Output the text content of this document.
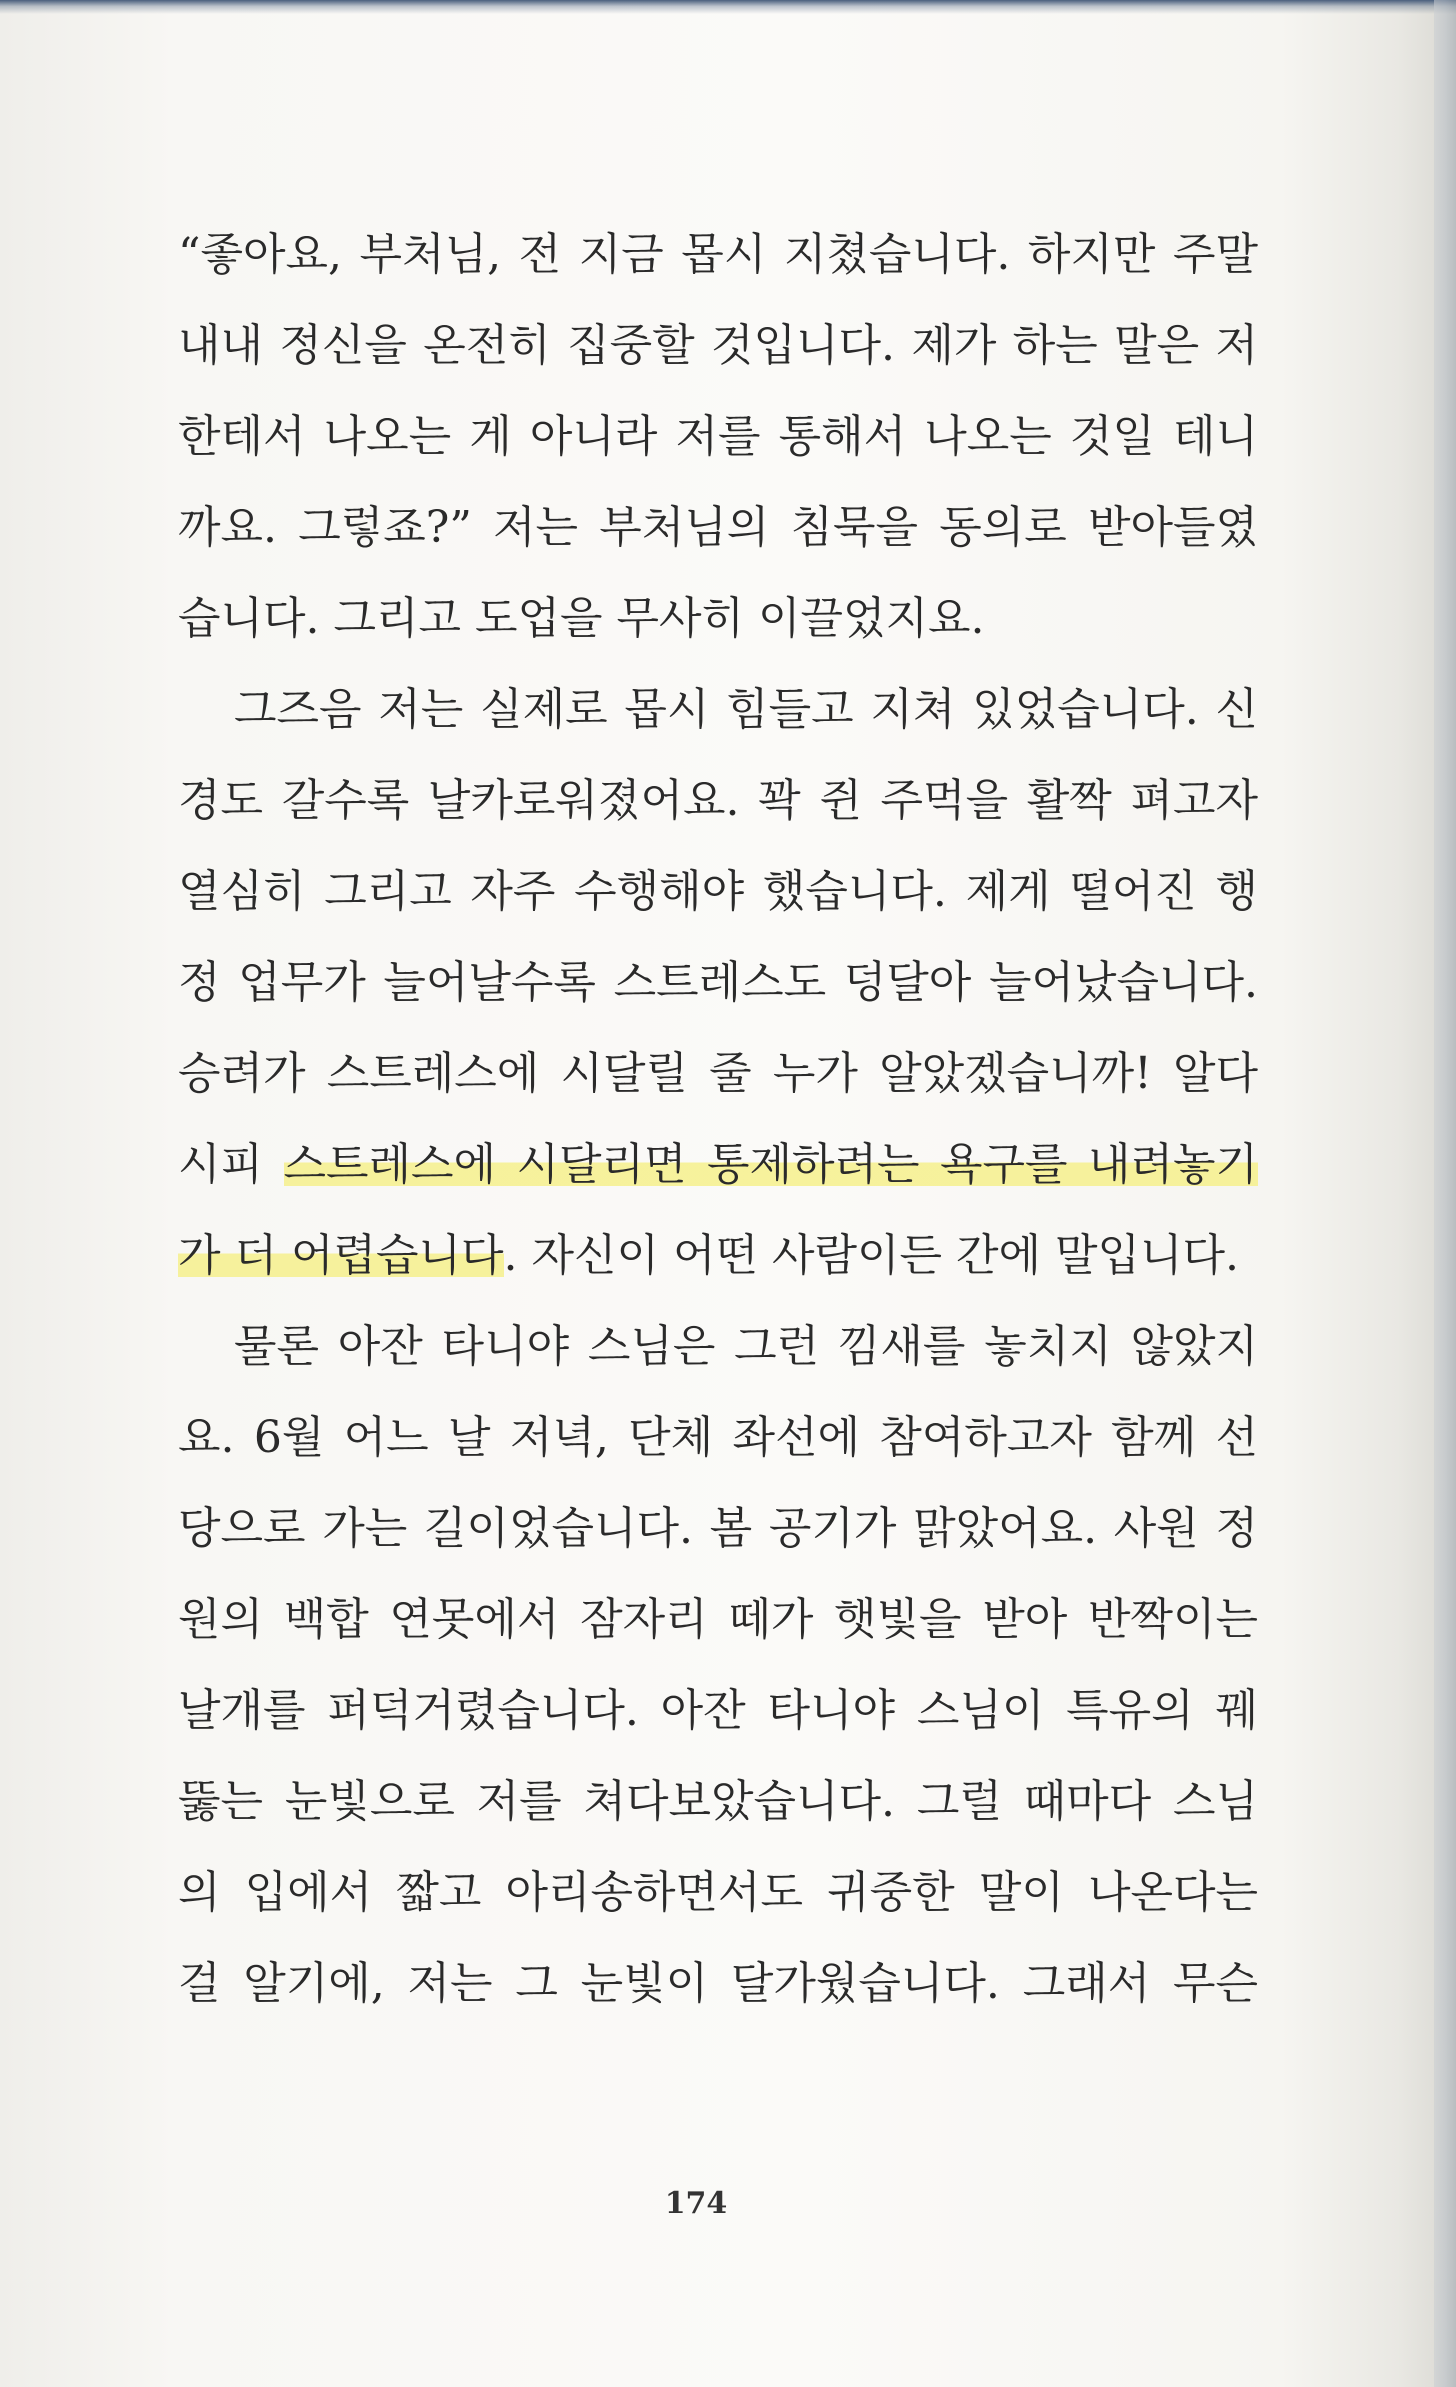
“좋아요, 부처님, 전 지금 몹시 지쳤습니다. 하지만 주말
내내 정신을 온전히 집중할 것입니다. 제가 하는 말은 저
한테서 나오는 게 아니라 저를 통해서 나오는 것일 테니
까요. 그렇죠?” 저는 부처님의 침묵을 동의로 받아들였
습니다. 그리고 도업을 무사히 이끌었지요.
그즈음 저는 실제로 몹시 힘들고 지쳐 있었습니다. 신
경도 갈수록 날카로워졌어요. 꽉 쥔 주먹을 활짝 펴고자
열심히 그리고 자주 수행해야 했습니다. 제게 떨어진 행
정 업무가 늘어날수록 스트레스도 덩달아 늘어났습니다.
승려가 스트레스에 시달릴 줄 누가 알았겠습니까! 알다
시피 스트레스에 시달리면 통제하려는 욕구를 내려놓기
가 더 어렵습니다. 자신이 어떤 사람이든 간에 말입니다.
물론 아잔 타니야 스님은 그런 낌새를 놓치지 않았지
요. 6월 어느 날 저녁, 단체 좌선에 참여하고자 함께 선
당으로 가는 길이었습니다. 봄 공기가 맑았어요. 사원 정
원의 백합 연못에서 잠자리 떼가 햇빛을 받아 반짝이는
날개를 퍼덕거렸습니다. 아잔 타니야 스님이 특유의 꿰
뚫는 눈빛으로 저를 쳐다보았습니다. 그럴 때마다 스님
의 입에서 짧고 아리송하면서도 귀중한 말이 나온다는
걸 알기에, 저는 그 눈빛이 달가웠습니다. 그래서 무슨
174
